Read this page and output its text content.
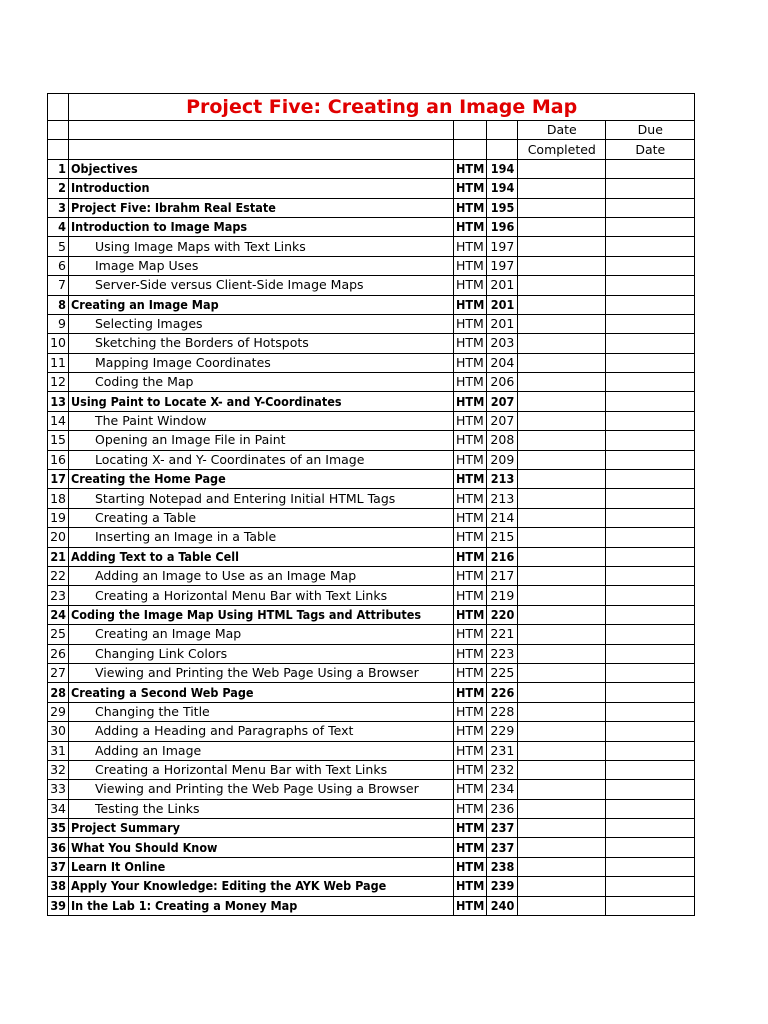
	Project Five: Creating an Image Map				
				Date	Due
				Completed	Date
1	Objectives	HTM	194		
2	Introduction	HTM	194		
3	Project Five: Ibrahm Real Estate	HTM	195		
4	Introduction to Image Maps	HTM	196		
5	Using Image Maps with Text Links	HTM	197		
6	Image Map Uses	HTM	197		
7	Server-Side versus Client-Side Image Maps	HTM	201		
8	Creating an Image Map	HTM	201		
9	Selecting Images	HTM	201		
10	Sketching the Borders of Hotspots	HTM	203		
11	Mapping Image Coordinates	HTM	204		
12	Coding the Map	HTM	206		
13	Using Paint to Locate X- and Y-Coordinates	HTM	207		
14	The Paint Window	HTM	207		
15	Opening an Image File in Paint	HTM	208		
16	Locating X- and Y- Coordinates of an Image	HTM	209		
17	Creating the Home Page	HTM	213		
18	Starting Notepad and Entering Initial HTML Tags	HTM	213		
19	Creating a Table	HTM	214		
20	Inserting an Image in a Table	HTM	215		
21	Adding Text to a Table Cell	HTM	216		
22	Adding an Image to Use as an Image Map	HTM	217		
23	Creating a Horizontal Menu Bar with Text Links	HTM	219		
24	Coding the Image Map Using HTML Tags and Attributes	HTM	220		
25	Creating an Image Map	HTM	221		
26	Changing Link Colors	HTM	223		
27	Viewing and Printing the Web Page Using a Browser	HTM	225		
28	Creating a Second Web Page	HTM	226		
29	Changing the Title	HTM	228		
30	Adding a Heading and Paragraphs of Text	HTM	229		
31	Adding an Image	HTM	231		
32	Creating a Horizontal Menu Bar with Text Links	HTM	232		
33	Viewing and Printing the Web Page Using a Browser	HTM	234		
34	Testing the Links	HTM	236		
35	Project Summary	HTM	237		
36	What You Should Know	HTM	237		
37	Learn It Online	HTM	238		
38	Apply Your Knowledge: Editing the AYK Web Page	HTM	239		
39	In the Lab 1: Creating a Money Map	HTM	240		
